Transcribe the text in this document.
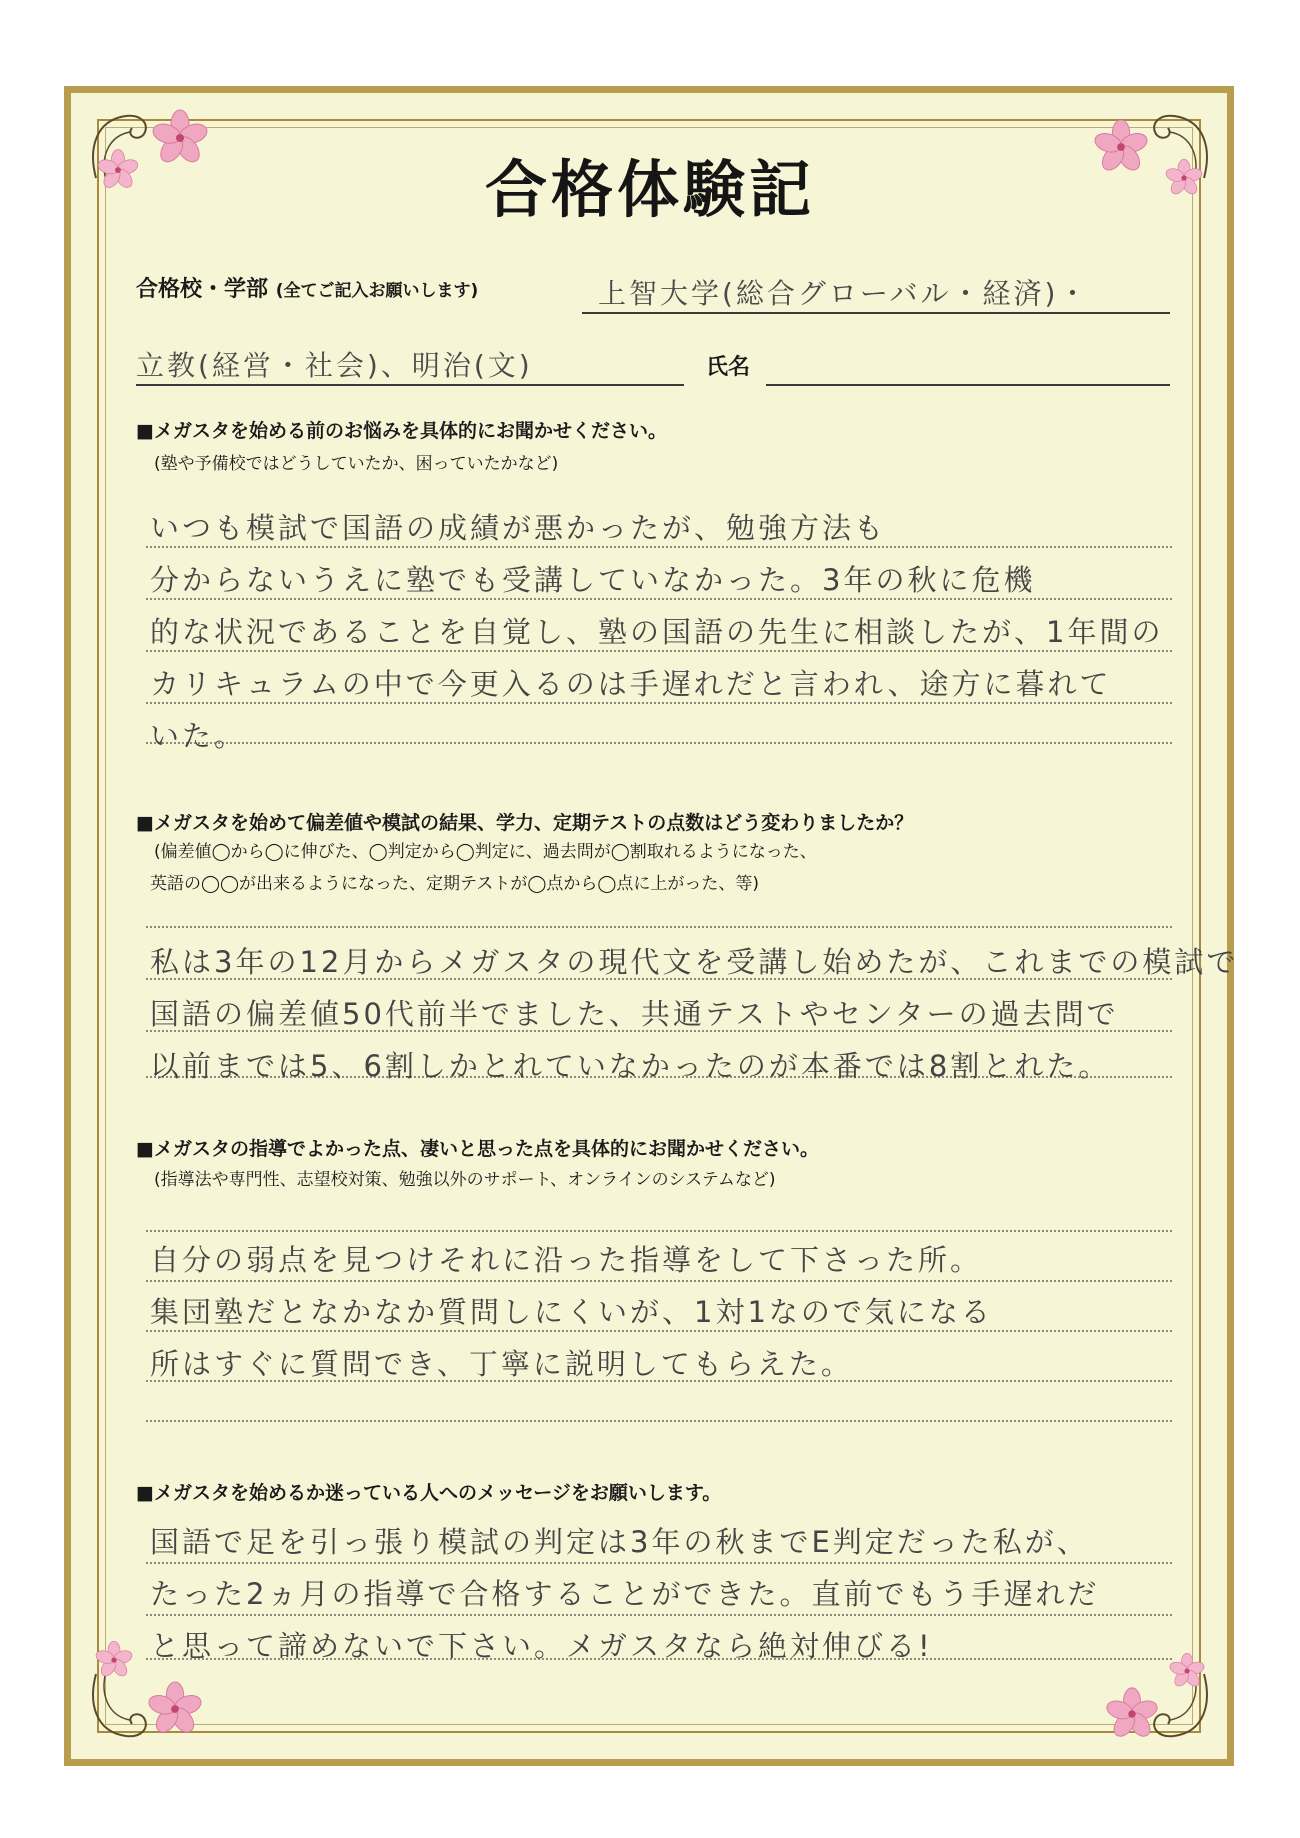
合格体験記
合格校・学部 (全てご記入お願いします)	上智大学(総合グローバル・経済)・
立教(経営・社会)、明治(文)	氏名
■メガスタを始める前のお悩みを具体的にお聞かせください。
(塾や予備校ではどうしていたか、困っていたかなど)
いつも模試で国語の成績が悪かったが、勉強方法も
分からないうえに塾でも受講していなかった。3年の秋に危機
的な状況であることを自覚し、塾の国語の先生に相談したが、1年間の
カリキュラムの中で今更入るのは手遅れだと言われ、途方に暮れて
いた。
■メガスタを始めて偏差値や模試の結果、学力、定期テストの点数はどう変わりましたか？
(偏差値◯から◯に伸びた、◯判定から◯判定に、過去問が◯割取れるようになった、
英語の◯◯が出来るようになった、定期テストが◯点から◯点に上がった、等)
私は3年の12月からメガスタの現代文を受講し始めたが、これまでの模試で
国語の偏差値50代前半でました、共通テストやセンターの過去問で
以前までは5、6割しかとれていなかったのが本番では8割とれた。
■メガスタの指導でよかった点、凄いと思った点を具体的にお聞かせください。
(指導法や専門性、志望校対策、勉強以外のサポート、オンラインのシステムなど)
自分の弱点を見つけそれに沿った指導をして下さった所。
集団塾だとなかなか質問しにくいが、1対1なので気になる
所はすぐに質問でき、丁寧に説明してもらえた。
■メガスタを始めるか迷っている人へのメッセージをお願いします。
国語で足を引っ張り模試の判定は3年の秋までE判定だった私が、
たった2ヵ月の指導で合格することができた。直前でもう手遅れだ
と思って諦めないで下さい。メガスタなら絶対伸びる!
